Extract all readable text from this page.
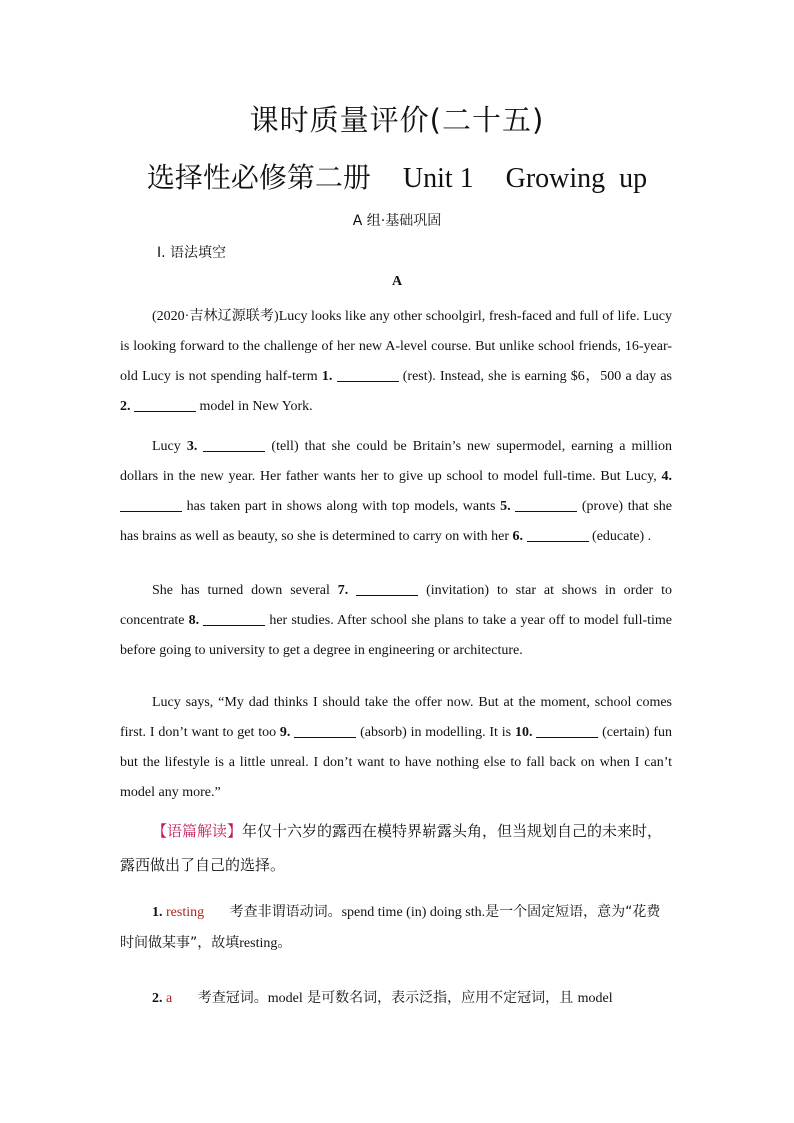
课时质量评价(二十五)
选择性必修第二册 Unit 1 Growing  up
A 组·基础巩固
Ⅰ. 语法填空
A
(2020·吉林辽源联考)Lucy looks like any other schoolgirl, fresh-faced and full of life. Lucy is looking forward to the challenge of her new A-level course. But unlike school friends, 16-year-old Lucy is not spending half-term 1.	(rest). Instead, she is earning $6，500 a day as 2.	model in New York.
Lucy 3.	(tell) that she could be Britain’s new supermodel, earning a million dollars in the new year. Her father wants her to give up school to model full-time. But Lucy, 4.  has taken part in shows along with top models, wants 5.	(prove) that she has brains as well as beauty, so she is determined to carry on with her 6.	(educate) .
She has turned down several 7.	(invitation) to star at shows in order to concentrate 8.	her studies. After school she plans to take a year off to model full-time before going to university to get a degree in engineering or architecture.
Lucy says, “My dad thinks I should take the offer now. But at the moment, school comes first. I don’t want to get too 9.	(absorb) in modelling. It is 10.	(certain) fun but the lifestyle is a little unreal. I don’t want to have nothing else to fall back on when I can’t model any more.”
【语篇解读】年仅十六岁的露西在模特界崭露头角，但当规划自己的未来时，露西做出了自己的选择。
1. resting 考查非谓语动词。spend time (in) doing sth.是一个固定短语，意为“花费时间做某事”，故填resting。
2. a 考查冠词。model 是可数名词，表示泛指，应用不定冠词，且 model
